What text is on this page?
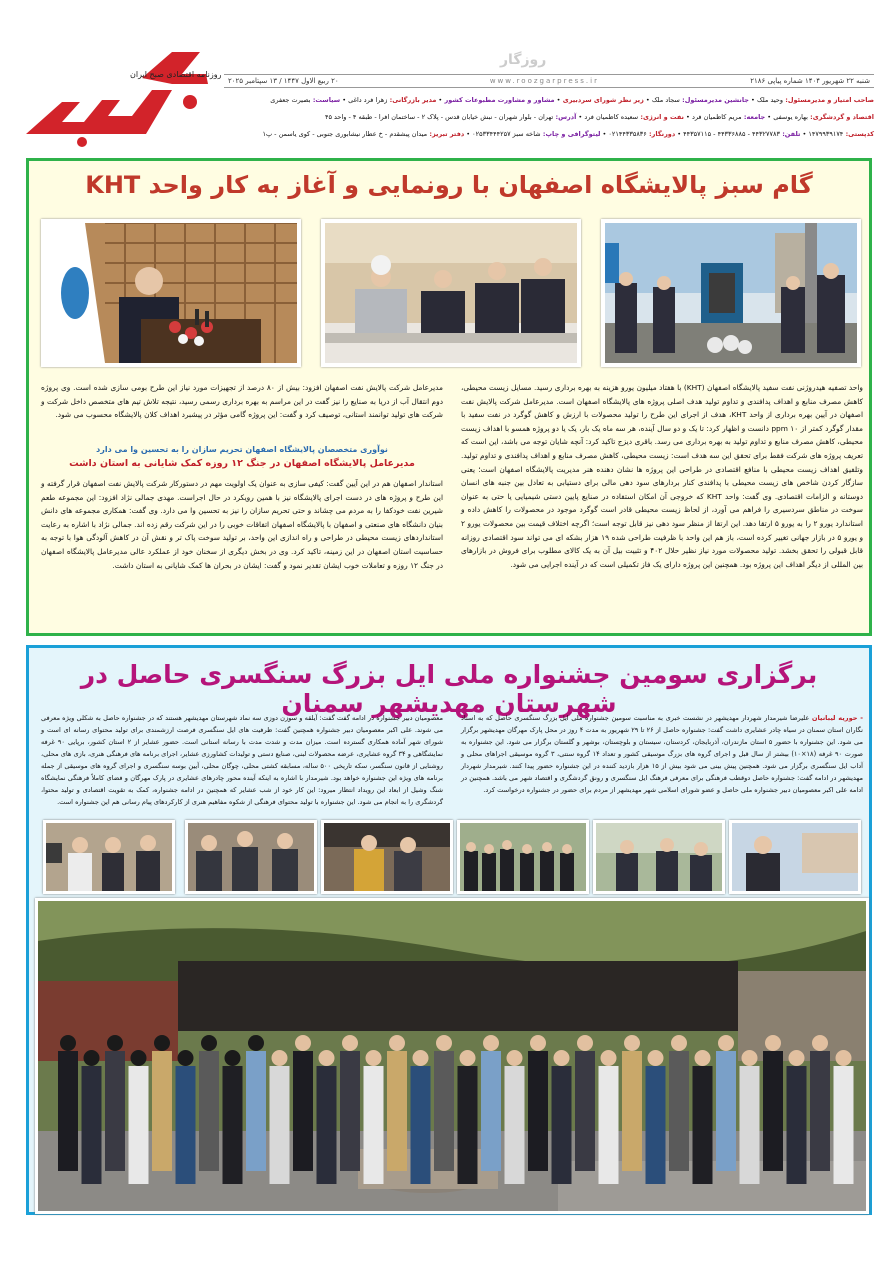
روزنامه اقتصادی صبح ایران
روزگار
شنبه ۲۲ شهریور ۱۴۰۴ شماره پیاپی ۲۱۸۶
www.roozgarpress.ir
۲۰ ربیع الاول ۱۴۴۷ / ۱۳ سپتامبر ۲۰۲۵
صاحب امتیاز و مدیرمسئول: وحید ملک • جانشین مدیرمسئول: سجاد ملک • زیر نظر شورای سردبیری • مشاور و مشاورت مطبوعات کشور • مدیر بازرگانی: زهرا فرد داغی • سیاست: بصیرت جعفری
اقتصاد و گردشگری: بهاره یوسفی • جامعه: مریم کاظمیان فرد • نفت و انرژی: سعیده کاظمیان فرد • آدرس: تهران - بلوار شهران - نبش خیابان قدس - پلاک ۲ - ساختمان افرا - طبقه ۴ - واحد ۴۵
کدپستی: ۱۴۷۹۹۳۹۱۷۴ • تلفن: ۴۴۳۲۷۷۸۳ - ۴۴۳۳۶۸۸۵ - ۴۴۳۵۷۱۱۵ • دورنگار: ۰۲۱۴۴۳۳۵۸۳۶ • لیتوگرافی و چاپ: شاخه سبز ۰۲۵۳۳۴۴۴۲۵۷ • دفتر تبریز: میدان پیشقدم - خ عطار نیشابوری جنوبی - کوی یاسمن - پ۱
گام سبز پالایشگاه اصفهان با رونمایی و آغاز به کار واحد KHT
واحد تصفیه هیدروژنی نفت سفید پالایشگاه اصفهان (KHT) با هفتاد میلیون یورو هزینه به بهره برداری رسید. مسایل زیست محیطی، کاهش مصرف منابع و اهداف پدافندی و تداوم تولید هدف اصلی پروژه های پالایشگاه اصفهان است. مدیرعامل شرکت پالایش نفت اصفهان در آیین بهره برداری از واحد KHT، هدف از اجرای این طرح را تولید محصولات با ارزش و کاهش گوگرد در نفت سفید با مقدار گوگرد کمتر از ppm ۱۰ دانست و اظهار کرد: تا یک و دو سال آینده، هر سه ماه یک بار، یک یا دو پروژه همسو با اهداف زیست محیطی، کاهش مصرف منابع و تداوم تولید به بهره برداری می رسد. باقری دیزج تاکید کرد: آنچه شایان توجه می باشد، این است که تعریف پروژه های شرکت فقط برای تحقق این سه هدف است: زیست محیطی، کاهش مصرف منابع و اهداف پدافندی و تداوم تولید. وتلفیق اهداف زیست محیطی با منافع اقتصادی در طراحی این پروژه ها نشان دهنده هنر مدیریت پالایشگاه اصفهان است؛ یعنی سازگار کردن شاخص های زیست محیطی با پدافندی کنار بردارهای سود دهی مالی برای دستیابی به تعادل بین جنبه های انسان دوستانه و الزامات اقتصادی. وی گفت: واحد KHT که خروجی آن امکان استفاده در صنایع پایین دستی شیمیایی یا حتی به عنوان سوخت در مناطق سردسیری را فراهم می آورد، از لحاظ زیست محیطی قادر است گوگرد موجود در محصولات را کاهش داده و استاندارد یورو ۲ را به یورو ۵ ارتقا دهد. این ارتقا از منظر سود دهی نیز قابل توجه است؛ اگرچه اختلاف قیمت بین محصولات یورو ۲ و یورو ۵ در بازار جهانی تغییر کرده است، باز هم این واحد با ظرفیت طراحی شده ۱۹ هزار بشکه ای می تواند سود اقتصادی روزانه قابل قبولی را تحقق بخشد. تولید محصولات مورد نیاز نظیر حلال ۴۰۲ و تثبیت بیل آن به یک کالای مطلوب برای فروش در بازارهای بین المللی از دیگر اهداف این پروژه بود. همچنین این پروژه دارای یک فاز تکمیلی است که در آینده اجرایی می شود.
مدیرعامل شرکت پالایش نفت اصفهان افزود: بیش از ۸۰ درصد از تجهیزات مورد نیاز این طرح بومی سازی شده است. وی پروژه دوم انتقال آب از دریا به صنایع را نیز گفت در این مراسم به بهره برداری رسمی رسید، نتیجه تلاش تیم های متخصص داخل شرکت و شرکت های تولید توانمند استانی، توصیف کرد و گفت: این پروژه گامی مؤثر در پیشبرد اهداف کلان پالایشگاه محسوب می شود.
نوآوری متخصصان پالایشگاه اصفهان تحریم سازان را به تحسین وا می دارد
مدیرعامل پالایشگاه اصفهان در جنگ ۱۲ روزه کمک شایانی به استان داشت
استاندار اصفهان هم در این آیین گفت: کیفی سازی به عنوان یک اولویت مهم در دستورکار شرکت پالایش نفت اصفهان قرار گرفته و این طرح و پروژه های در دست اجرای پالایشگاه نیز با همین رویکرد در حال اجراست. مهدی جمالی نژاد افزود: این مجموعه طعم شیرین نفت خودکفا را به مردم می چشاند و حتی تحریم سازان را نیز به تحسین وا می دارد. وی گفت: همکاری مجموعه های دانش بنیان دانشگاه های صنعتی و اصفهان با پالایشگاه اصفهان اتفاقات خوبی را در این شرکت رقم زده اند. جمالی نژاد با اشاره به رعایت استانداردهای زیست محیطی در طراحی و راه اندازی این واحد، بر تولید سوخت پاک تر و نقش آن در کاهش آلودگی هوا با توجه به حساسیت استان اصفهان در این زمینه، تاکید کرد. وی در بخش دیگری از سخنان خود از عملکرد عالی مدیرعامل پالایشگاه اصفهان در جنگ ۱۲ روزه و تعاملات خوب ایشان تقدیر نمود و گفت: ایشان در بحران ها کمک شایانی به استان داشت.
برگزاری سومین جشنواره ملی ایل بزرگ سنگسری حاصل در شهرستان مهدیشهر سمنان	- حوریه لیبانیان علیرضا شیرمدار شهردار مهدیشهر در نشست خبری به مناسبت سومین جشنواره ملی ایل بزرگ سنگسری حاصل که به اسناد نگاران استان سمنان در سیاه چادر عشایری داشت گفت: جشنواره حاصل از ۲۶ تا ۲۹ شهریور به مدت ۴ روز در محل پارک مهرگان مهدیشهر برگزار می شود. این جشنواره با حضور ۵ استان مازندران، آذربایجان، کردستان، سیستان و بلوچستان، بوشهر و گلستان برگزار می شود. این جشنواره به صورت ۹۰ غرفه (۱۸×۱۰) بیشتر از سال قبل و اجرای گروه های بزرگ موسیقی کشور و تعداد ۱۴ گروه سنتی، ۳ گروه موسیقی اجراهای محلی و آداب ایل سنگسری برگزار می شود. همچنین پیش بینی می شود بیش از ۱۵ هزار بازدید کننده در این جشنواره حضور پیدا کنند. شیرمدار شهردار مهدیشهر در ادامه گفت: جشنواره حاصل دوقطب فرهنگی برای معرفی فرهنگ ایل سنگسری و رونق گردشگری و اقتصاد شهر می باشد. همچنین در ادامه علی اکبر معصومیان دبیر جشنواره ملی حاصل و عضو شورای اسلامی شهر مهدیشهر از مردم برای حضور در جشنواره درخواست کرد.
معصومیان دبیر جشنواره در ادامه گفت گفت: آیلقه و سوزن دوزی سه نماد شهرستان مهدیشهر هستند که در جشنواره حاصل به شکلی ویژه معرفی می شوند. علی اکبر معصومیان دبیر جشنواره همچنین گفت: ظرفیت های ایل سنگسری فرصت ارزشمندی برای تولید محتوای رسانه ای است و شورای شهر آماده همکاری گسترده است. میزان مدت و شدت مدت با رسانه استانی است. حضور عشایر از ۲ استان کشور، برپایی ۹۰ غرفه نمایشگاهی و ۳۴ گروه عشایری، عرضه محصولات لبنی، صنایع دستی و تولیدات کشاورزی عشایر، اجرای برنامه های فرهنگی هنری، بازی های محلی، روشنایی از قانون سنگسر، سکه تاریخی ۵۰۰ ساله، مسابقه کشتی محلی، چوگان محلی، آیین بوسه سنگسری و اجرای گروه های موسیقی از جمله برنامه های ویژه این جشنواره خواهد بود. شیرمدار با اشاره به اینکه آینده محور چادرهای عشایری در پارک مهرگان و فضای کاملاً فرهنگی نمایشگاه شنگ وشیل از ابعاد این رویداد انتظار میرود: این کار خود از شب عشایر که همچنین در ادامه جشنواره، کمک به تقویت اقتصادی و تولید محتوا، گردشگری را به انجام می شود. این جشنواره با تولید محتوای فرهنگی از شکوه مفاهیم هنری از کارکردهای پیام رسانی هم این جشنواره است.
